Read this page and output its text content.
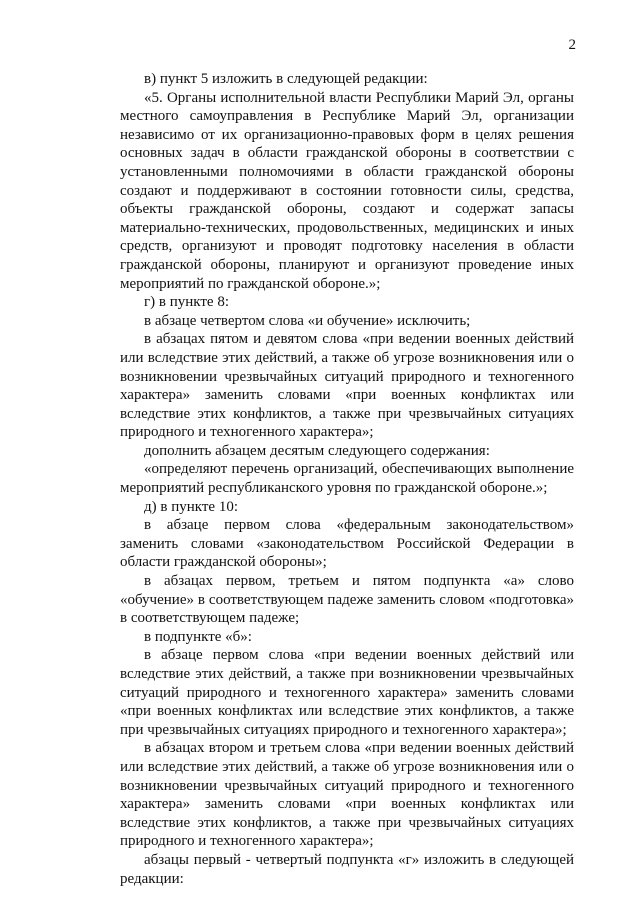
2

в) пункт 5 изложить в следующей редакции:

«5. Органы исполнительной власти Республики Марий Эл, органы местного самоуправления в Республике Марий Эл, организации независимо от их организационно-правовых форм в целях решения основных задач в области гражданской обороны в соответствии с установленными полномочиями в области гражданской обороны создают и поддерживают в состоянии готовности силы, средства, объекты гражданской обороны, создают и содержат запасы материально-технических, продовольственных, медицинских и иных средств, организуют и проводят подготовку населения в области гражданской обороны, планируют и организуют проведение иных мероприятий по гражданской обороне.»;

г) в пункте 8:

в абзаце четвертом слова «и обучение» исключить;

в абзацах пятом и девятом слова «при ведении военных действий или вследствие этих действий, а также об угрозе возникновения или о возникновении чрезвычайных ситуаций природного и техногенного характера» заменить словами «при военных конфликтах или вследствие этих конфликтов, а также при чрезвычайных ситуациях природного и техногенного характера»;

дополнить абзацем десятым следующего содержания:

«определяют перечень организаций, обеспечивающих выполнение мероприятий республиканского уровня по гражданской обороне.»;

д) в пункте 10:

в абзаце первом слова «федеральным законодательством» заменить словами «законодательством Российской Федерации в области гражданской обороны»;

в абзацах первом, третьем и пятом подпункта «а» слово «обучение» в соответствующем падеже заменить словом «подготовка» в соответствующем падеже;

в подпункте «б»:

в абзаце первом слова «при ведении военных действий или вследствие этих действий, а также при возникновении чрезвычайных ситуаций природного и техногенного характера» заменить словами «при военных конфликтах или вследствие этих конфликтов, а также при чрезвычайных ситуациях природного и техногенного характера»;

в абзацах втором и третьем слова «при ведении военных действий или вследствие этих действий, а также об угрозе возникновения или о возникновении чрезвычайных ситуаций природного и техногенного характера» заменить словами «при военных конфликтах или вследствие этих конфликтов, а также при чрезвычайных ситуациях природного и техногенного характера»;

абзацы первый - четвертый подпункта «г» изложить в следующей редакции:
